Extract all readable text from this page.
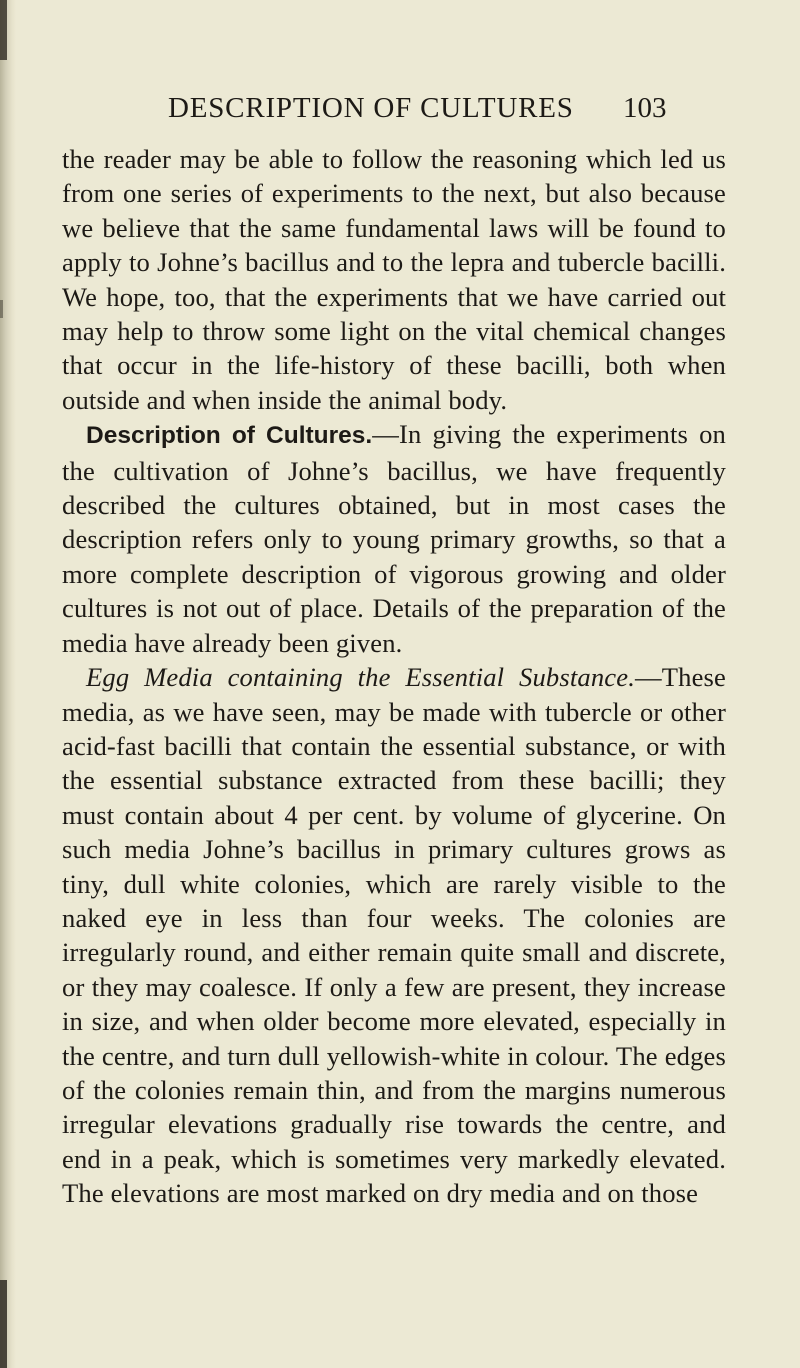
DESCRIPTION OF CULTURES 103

the reader may be able to follow the reasoning which led us from one series of experiments to the next, but also because we believe that the same fundamental laws will be found to apply to Johne’s bacillus and to the lepra and tubercle bacilli. We hope, too, that the experiments that we have carried out may help to throw some light on the vital chemical changes that occur in the life-history of these bacilli, both when outside and when inside the animal body.

Description of Cultures.—In giving the experiments on the cultivation of Johne’s bacillus, we have frequently described the cultures obtained, but in most cases the description refers only to young primary growths, so that a more complete description of vigorous growing and older cultures is not out of place. Details of the preparation of the media have already been given.

Egg Media containing the Essential Substance.—These media, as we have seen, may be made with tubercle or other acid-fast bacilli that contain the essential substance, or with the essential substance extracted from these bacilli; they must contain about 4 per cent. by volume of glycerine. On such media Johne’s bacillus in primary cultures grows as tiny, dull white colonies, which are rarely visible to the naked eye in less than four weeks. The colonies are irregularly round, and either remain quite small and discrete, or they may coalesce. If only a few are present, they increase in size, and when older become more elevated, especially in the centre, and turn dull yellowish-white in colour. The edges of the colonies remain thin, and from the margins numerous irregular elevations gradually rise towards the centre, and end in a peak, which is sometimes very markedly elevated. The elevations are most marked on dry media and on those
